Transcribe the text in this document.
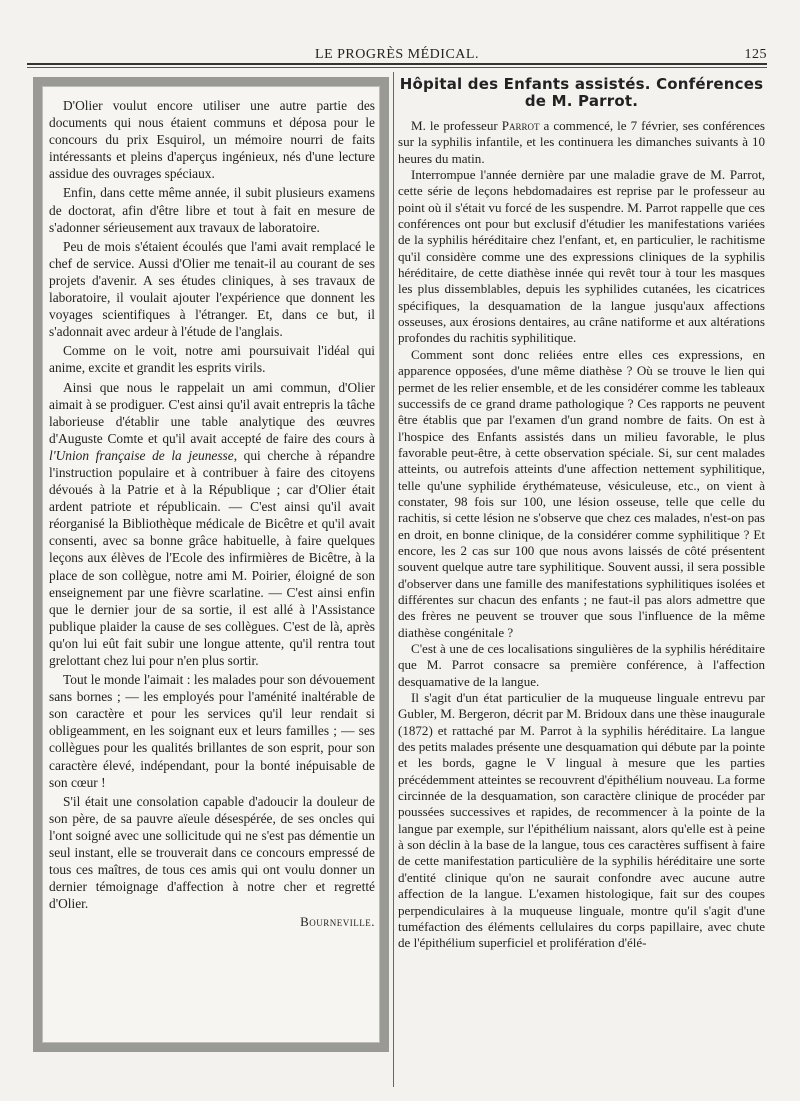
LE PROGRÈS MÉDICAL.	125

D'Olier voulut encore utiliser une autre partie des documents qui nous étaient communs et déposa pour le concours du prix Esquirol, un mémoire nourri de faits intéressants et pleins d'aperçus ingénieux, nés d'une lecture assidue des ouvrages spéciaux.

Enfin, dans cette même année, il subit plusieurs examens de doctorat, afin d'être libre et tout à fait en mesure de s'adonner sérieusement aux travaux de laboratoire.

Peu de mois s'étaient écoulés que l'ami avait remplacé le chef de service. Aussi d'Olier me tenait-il au courant de ses projets d'avenir. A ses études cliniques, à ses travaux de laboratoire, il voulait ajouter l'expérience que donnent les voyages scientifiques à l'étranger. Et, dans ce but, il s'adonnait avec ardeur à l'étude de l'anglais.

Comme on le voit, notre ami poursuivait l'idéal qui anime, excite et grandit les esprits virils.

Ainsi que nous le rappelait un ami commun, d'Olier aimait à se prodiguer. C'est ainsi qu'il avait entrepris la tâche laborieuse d'établir une table analytique des œuvres d'Auguste Comte et qu'il avait accepté de faire des cours à l'Union française de la jeunesse, qui cherche à répandre l'instruction populaire et à contribuer à faire des citoyens dévoués à la Patrie et à la République ; car d'Olier était ardent patriote et républicain. — C'est ainsi qu'il avait réorganisé la Bibliothèque médicale de Bicêtre et qu'il avait consenti, avec sa bonne grâce habituelle, à faire quelques leçons aux élèves de l'Ecole des infirmières de Bicêtre, à la place de son collègue, notre ami M. Poirier, éloigné de son enseignement par une fièvre scarlatine. — C'est ainsi enfin que le dernier jour de sa sortie, il est allé à l'Assistance publique plaider la cause de ses collègues. C'est de là, après qu'on lui eût fait subir une longue attente, qu'il rentra tout grelottant chez lui pour n'en plus sortir.

Tout le monde l'aimait : les malades pour son dévouement sans bornes ; — les employés pour l'aménité inaltérable de son caractère et pour les services qu'il leur rendait si obligeamment, en les soignant eux et leurs familles ; — ses collègues pour les qualités brillantes de son esprit, pour son caractère élevé, indépendant, pour la bonté inépuisable de son cœur !

S'il était une consolation capable d'adoucir la douleur de son père, de sa pauvre aïeule désespérée, de ses oncles qui l'ont soigné avec une sollicitude qui ne s'est pas démentie un seul instant, elle se trouverait dans ce concours empressé de tous ces maîtres, de tous ces amis qui ont voulu donner un dernier témoignage d'affection à notre cher et regretté d'Olier.

Bourneville.
Hôpital des Enfants assistés. Conférences de M. Parrot.

M. le professeur Parrot a commencé, le 7 février, ses conférences sur la syphilis infantile, et les continuera les dimanches suivants à 10 heures du matin.

Interrompue l'année dernière par une maladie grave de M. Parrot, cette série de leçons hebdomadaires est reprise par le professeur au point où il s'était vu forcé de les suspendre. M. Parrot rappelle que ces conférences ont pour but exclusif d'étudier les manifestations variées de la syphilis héréditaire chez l'enfant, et, en particulier, le rachitisme qu'il considère comme une des expressions cliniques de la syphilis héréditaire, de cette diathèse innée qui revêt tour à tour les masques les plus dissemblables, depuis les syphilides cutanées, les cicatrices spécifiques, la desquamation de la langue jusqu'aux affections osseuses, aux érosions dentaires, au crâne natiforme et aux altérations profondes du rachitis syphilitique.

Comment sont donc reliées entre elles ces expressions, en apparence opposées, d'une même diathèse ? Où se trouve le lien qui permet de les relier ensemble, et de les considérer comme les tableaux successifs de ce grand drame pathologique ? Ces rapports ne peuvent être établis que par l'examen d'un grand nombre de faits. On est à l'hospice des Enfants assistés dans un milieu favorable, le plus favorable peut-être, à cette observation spéciale. Si, sur cent malades atteints, ou autrefois atteints d'une affection nettement syphilitique, telle qu'une syphilide érythémateuse, vésiculeuse, etc., on vient à constater, 98 fois sur 100, une lésion osseuse, telle que celle du rachitis, si cette lésion ne s'observe que chez ces malades, n'est-on pas en droit, en bonne clinique, de la considérer comme syphilitique ? Et encore, les 2 cas sur 100 que nous avons laissés de côté présentent souvent quelque autre tare syphilitique. Souvent aussi, il sera possible d'observer dans une famille des manifestations syphilitiques isolées et différentes sur chacun des enfants ; ne faut-il pas alors admettre que des frères ne peuvent se trouver que sous l'influence de la même diathèse congénitale ?

C'est à une de ces localisations singulières de la syphilis héréditaire que M. Parrot consacre sa première conférence, à l'affection desquamative de la langue.

Il s'agit d'un état particulier de la muqueuse linguale entrevu par Gubler, M. Bergeron, décrit par M. Bridoux dans une thèse inaugurale (1872) et rattaché par M. Parrot à la syphilis héréditaire. La langue des petits malades présente une desquamation qui débute par la pointe et les bords, gagne le V lingual à mesure que les parties précédemment atteintes se recouvrent d'épithélium nouveau. La forme circinnée de la desquamation, son caractère clinique de procéder par poussées successives et rapides, de recommencer à la pointe de la langue par exemple, sur l'épithélium naissant, alors qu'elle est à peine à son déclin à la base de la langue, tous ces caractères suffisent à faire de cette manifestation particulière de la syphilis héréditaire une sorte d'entité clinique qu'on ne saurait confondre avec aucune autre affection de la langue. L'examen histologique, fait sur des coupes perpendiculaires à la muqueuse linguale, montre qu'il s'agit d'une tuméfaction des éléments cellulaires du corps papillaire, avec chute de l'épithélium superficiel et prolifération d'élé-
